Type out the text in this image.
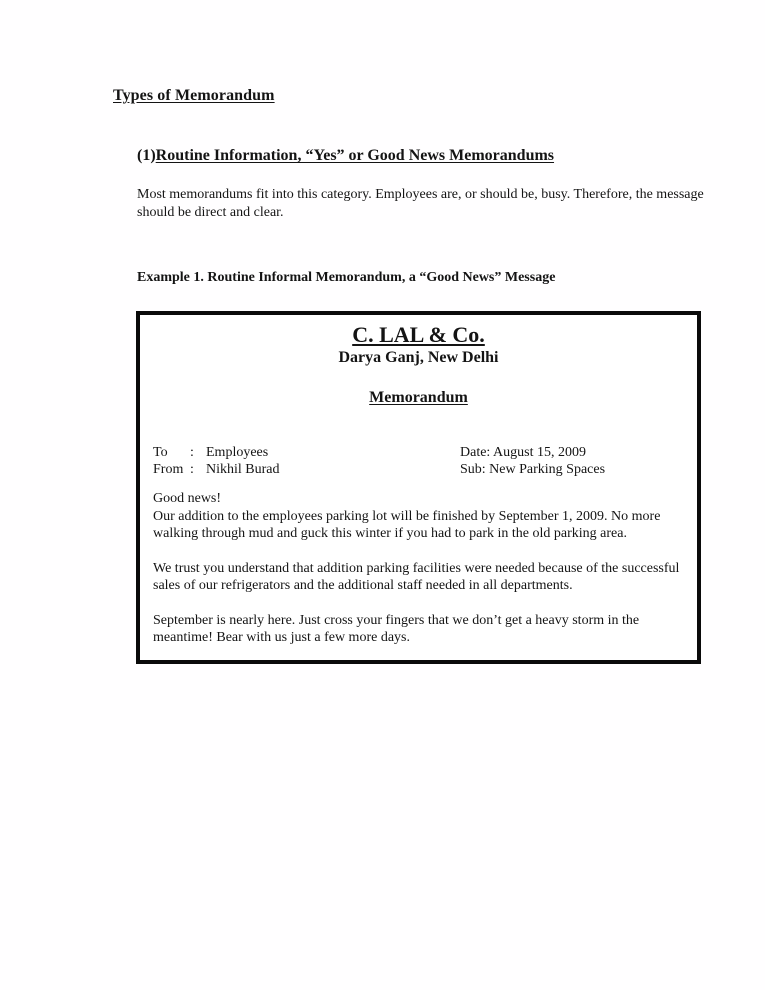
Types of Memorandum
(1)Routine Information, “Yes” or Good News Memorandums

Most memorandums fit into this category. Employees are, or should be, busy. Therefore, the message should be direct and clear.

Example 1. Routine Informal Memorandum, a “Good News” Message

C. LAL & Co.
Darya Ganj, New Delhi
Memorandum
To	: Employees
From : Nikhil Burad
Date: August 15, 2009
Sub: New Parking Spaces

Good news!

Our addition to the employees parking lot will be finished by September 1, 2009. No more walking through mud and guck this winter if you had to park in the old parking area.

We trust you understand that addition parking facilities were needed because of the successful sales of our refrigerators and the additional staff needed in all departments.

September is nearly here. Just cross your fingers that we don’t get a heavy storm in the meantime! Bear with us just a few more days.
